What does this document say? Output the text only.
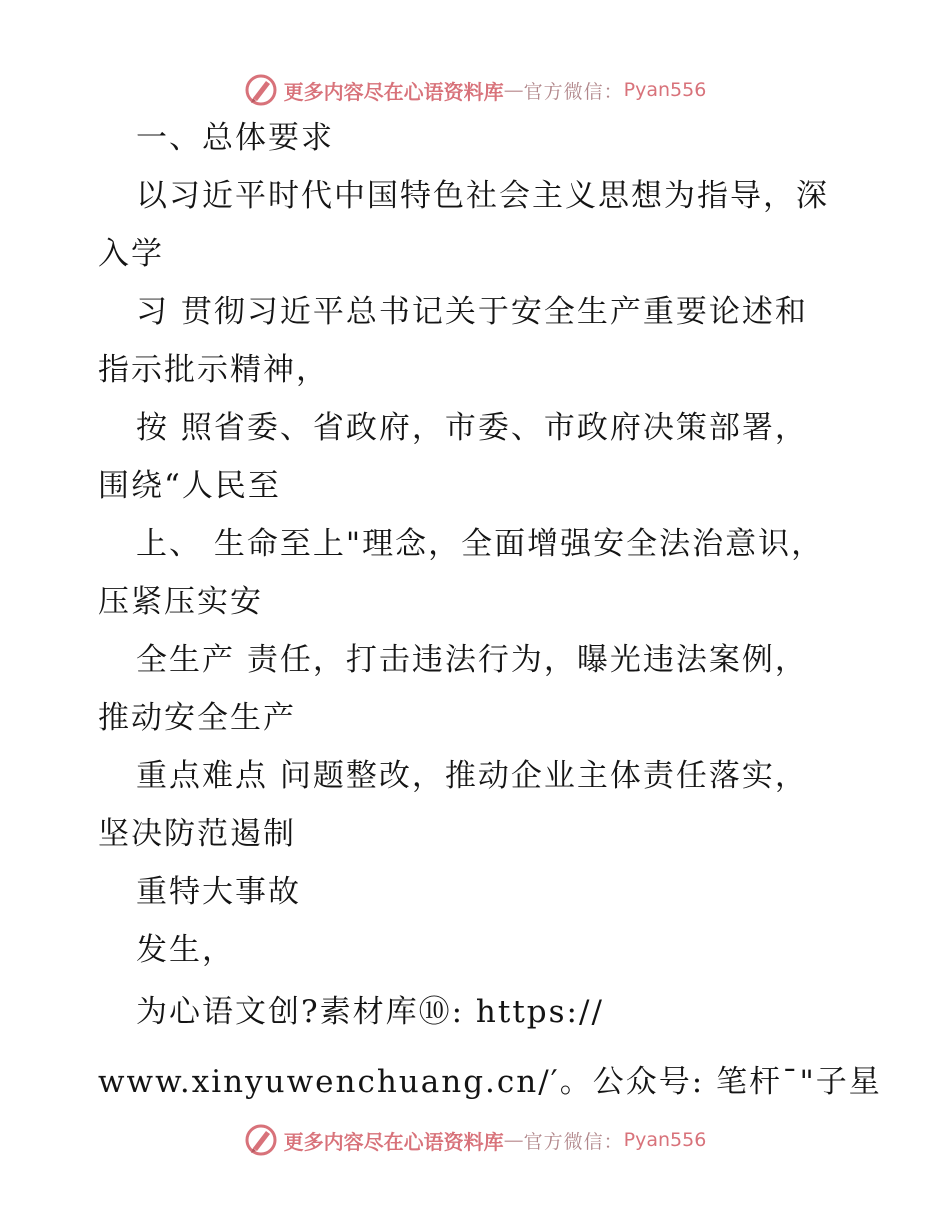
更多内容尽在心语资料库 — 官方微信： Pyan556
一、总体要求
以习近平时代中国特色社会主义思想为指导，深
入学
习 贯彻习近平总书记关于安全生产重要论述和
指示批示精神，
按 照省委、省政府，市委、市政府决策部署，
围绕“人民至
上、 生命至上"理念，全面增强安全法治意识，
压紧压实安
全生产 责任，打击违法行为，曝光违法案例，
推动安全生产
重点难点 问题整改，推动企业主体责任落实，
坚决防范遏制
重特大事故
发生，
为心语文创?素材库⑩: https://
www.xinyuwenchuang.cn/′。公众号: 笔杆¯"子星
更多内容尽在心语资料库 — 官方微信： Pyan556
